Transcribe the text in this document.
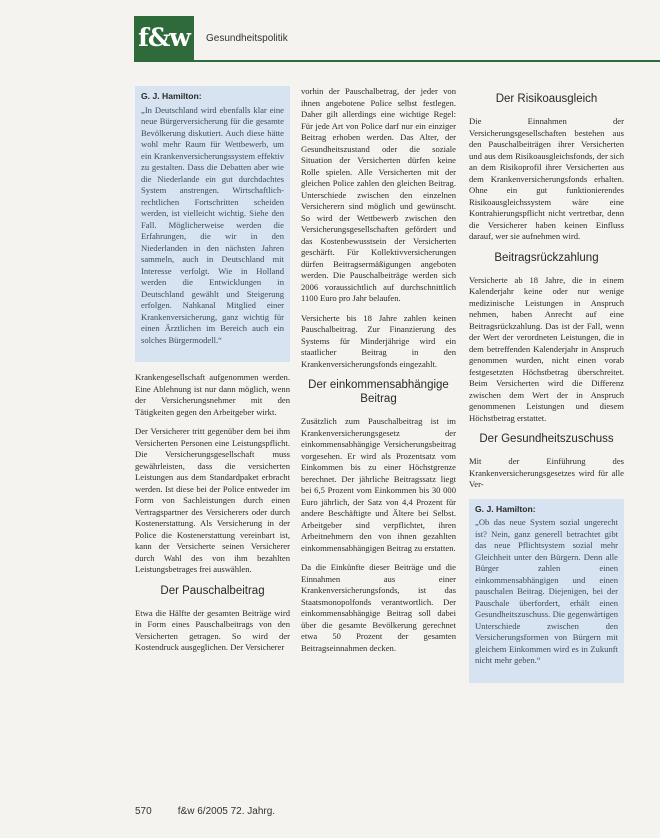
f&w	Gesundheitspolitik
G. J. Hamilton:

„In Deutschland wird ebenfalls klar eine neue Bürgerversicherung für die gesamte Bevölkerung diskutiert. Auch diese hätte wohl mehr Raum für Wettbewerb, um ein Krankenversicherungssystem effektiv zu gestalten. Dass die Debatten aber wie die Niederlande ein gut durchdachtes System anstrengen. Wirtschaftlich-rechtlichen Fortschritten scheiden werden, ist vielleicht wichtig. Siehe den Fall. Möglicherweise werden die Erfahrungen, die wir in den Niederlanden in den nächsten Jahren sammeln, auch in Deutschland mit Interesse verfolgt. Wie in Holland werden die Entwicklungen in Deutschland gewählt und Steigerung erfolgen. Nahkanal Mitglied einer Krankenversicherung, ganz wichtig für einen Ärztlichen im Bereich auch ein solches Bürgermodell.“

Krankengesellschaft aufgenommen werden. Eine Ablehnung ist nur dann möglich, wenn der Versicherungsnehmer mit den Tätigkeiten gegen den Arbeitgeber wirkt.

Der Versicherer tritt gegenüber dem bei ihm Versicherten Personen eine Leistungspflicht. Die Versicherungsgesellschaft muss gewährleisten, dass die versicherten Leistungen aus dem Standardpaket erbracht werden. Ist diese bei der Police entweder im Form von Sachleistungen durch einen Vertragspartner des Versicherers oder durch Kostenerstattung. Als Versicherung in der Police die Kostenerstattung vereinbart ist, kann der Versicherte seinen Versicherer durch Wahl des von ihm bezahlten Leistungsbetrages frei auswählen.

Der Pauschalbeitrag

Etwa die Hälfte der gesamten Beiträge wird in Form eines Pauschalbeitrags von den Versicherten getragen. So wird der Kostendruck ausgeglichen. Der Versicherer

vorhin der Pauschalbetrag, der jeder von ihnen angebotene Police selbst festlegen. Daher gilt allerdings eine wichtige Regel: Für jede Art von Police darf nur ein einziger Beitrag erhoben werden. Das Alter, der Gesundheitszustand oder die soziale Situation der Versicherten dürfen keine Rolle spielen. Alle Versicherten mit der gleichen Police zahlen den gleichen Beitrag. Unterschiede zwischen den einzelnen Versicherern sind möglich und gewünscht. So wird der Wettbewerb zwischen den Versicherungsgesellschaften gefördert und das Kostenbewusstsein der Versicherten geschärft. Für Kollektivversicherungen dürfen Beitragsermäßigungen angeboten werden. Die Pauschalbeiträge werden sich 2006 voraussichtlich auf durchschnittlich 1100 Euro pro Jahr belaufen.

Versicherte bis 18 Jahre zahlen keinen Pauschalbeitrag. Zur Finanzierung des Systems für Minderjährige wird ein staatlicher Beitrag in den Krankenversicherungsfonds eingezahlt.

Der einkommensabhängige Beitrag

Zusätzlich zum Pauschalbeitrag ist im Krankenversicherungsgesetz der einkommensabhängige Versicherungsbeitrag vorgesehen. Er wird als Prozentsatz vom Einkommen bis zu einer Höchstgrenze berechnet. Der jährliche Beitragssatz liegt bei 6,5 Prozent vom Einkommen bis 30 000 Euro jährlich, der Satz von 4,4 Prozent für andere Beschäftigte und Ältere bei Selbst. Arbeitgeber sind verpflichtet, ihren Arbeitnehmern den von ihnen gezahlten einkommensabhängigen Beitrag zu erstatten.

Da die Einkünfte dieser Beiträge und die Einnahmen aus einer Krankenversicherungsfonds, ist das Staatsmonopolfonds verantwortlich. Der einkommensabhängige Beitrag soll dabei über die gesamte Bevölkerung gerechnet etwa 50 Prozent der gesamten Beitragseinnahmen decken.

Der Risikoausgleich

Die Einnahmen der Versicherungsgesellschaften bestehen aus den Pauschalbeiträgen ihrer Versicherten und aus dem Risikoausgleichsfonds, der sich an dem Risikoprofil ihrer Versicherten aus dem Krankenversicherungsfonds erhalten. Ohne ein gut funktionierendes Risikoausgleichssystem wäre eine Kontrahierungspflicht nicht vertretbar, denn die Versicherer haben keinen Einfluss darauf, wer sie aufnehmen wird.

Beitragsrückzahlung

Versicherte ab 18 Jahre, die in einem Kalenderjahr keine oder nur wenige medizinische Leistungen in Anspruch nehmen, haben Anrecht auf eine Beitragsrückzahlung. Das ist der Fall, wenn der Wert der verordneten Leistungen, die in dem betreffenden Kalenderjahr in Anspruch genommen wurden, nicht einen vorab festgesetzten Höchstbetrag überschreitet. Beim Versicherten wird die Differenz zwischen dem Wert der in Anspruch genommenen Leistungen und diesem Höchstbetrag erstattet.

Der Gesundheitszuschuss

Mit der Einführung des Krankenversicherungsgesetzes wird für alle Ver-

G. J. Hamilton:

„Ob das neue System sozial ungerecht ist? Nein, ganz generell betrachtet gibt das neue Pflichtsystem sozial mehr Gleichheit unter den Bürgern. Denn alle Bürger zahlen einen einkommensabhängigen und einen pauschalen Beitrag. Diejenigen, bei der Pauschale überfordert, erhält einen Gesundheitszuschuss. Die gegenwärtigen Unterschiede zwischen den Versicherungsformen von Bürgern mit gleichem Einkommen wird es in Zukunft nicht mehr geben.“

570	f&w 6/2005 72. Jahrg.
